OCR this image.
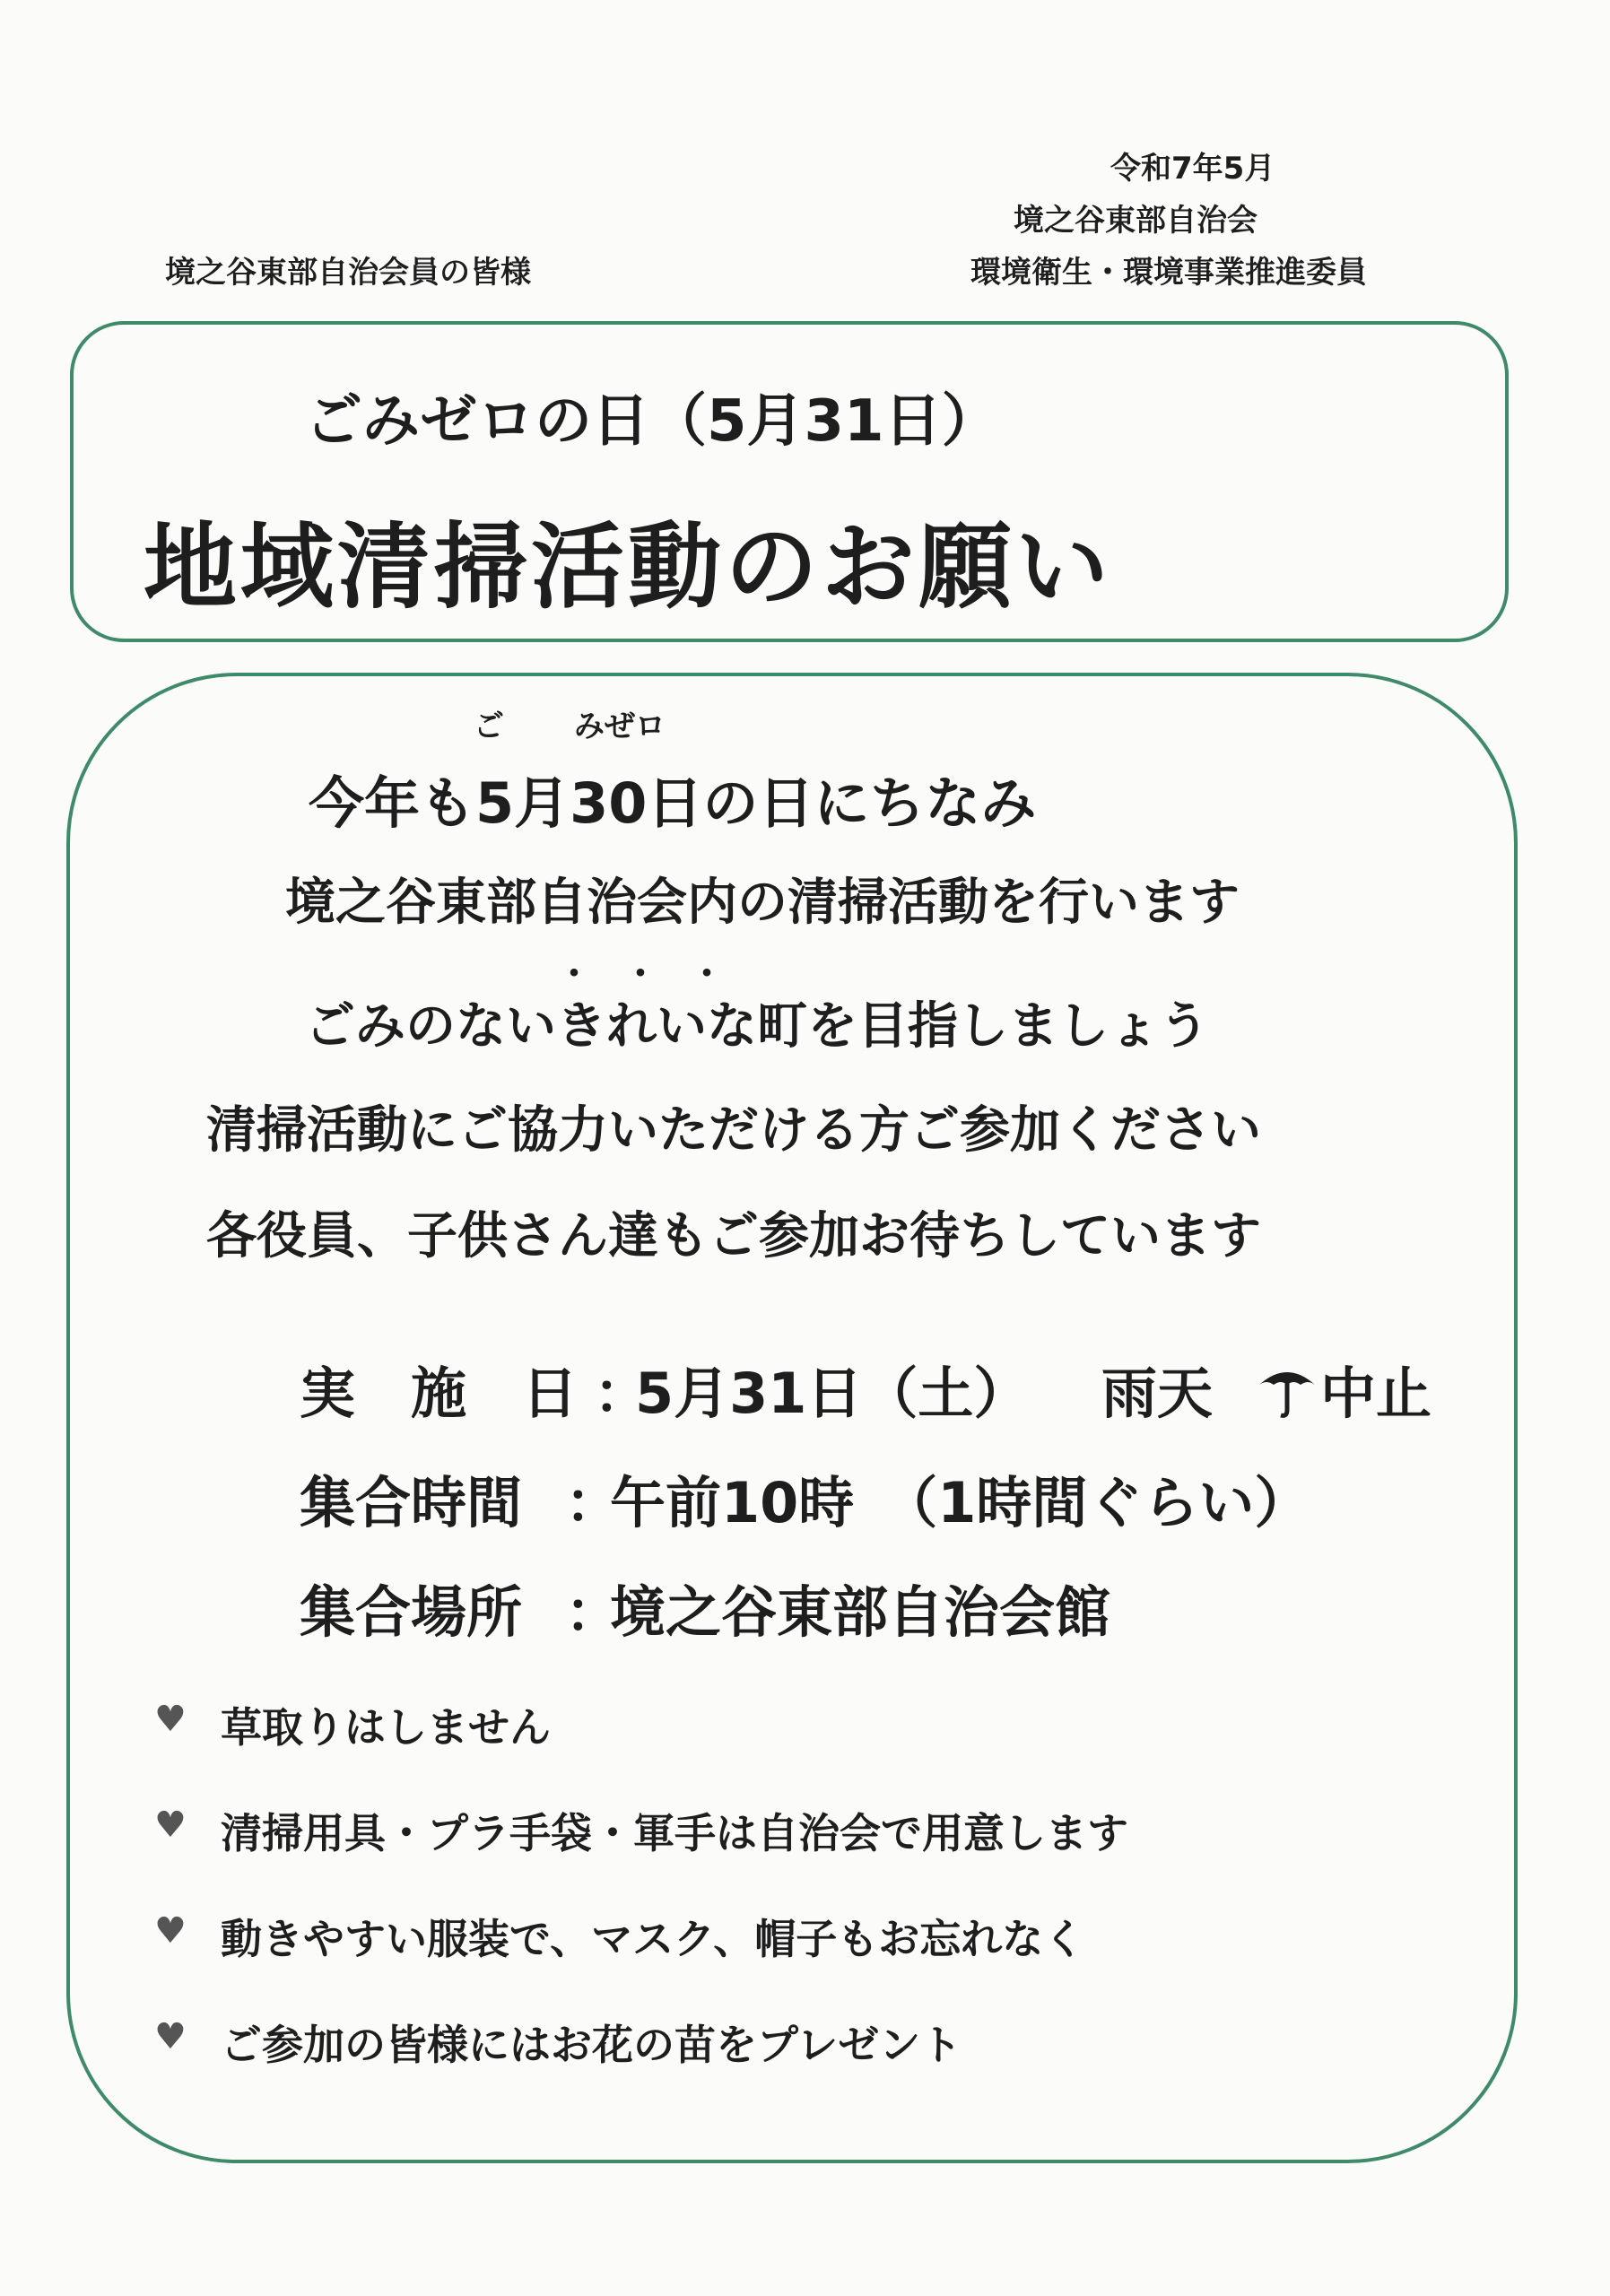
令和7年5月
境之谷東部自治会
境之谷東部自治会員の皆様	環境衛生・環境事業推進委員
ごみゼロの日（5月31日）
地域清掃活動のお願い
ご みぜロ
今年も5月30日の日にちなみ
境之谷東部自治会内の清掃活動を行います
・・・
ごみのないきれいな町を目指しましょう
清掃活動にご協力いただける方ご参加ください
各役員、子供さん達もご参加お待ちしています
実　施　日 ：
5月31日（土） 雨天 中止
集合時間 ：
午前10時　（1時間ぐらい）
集合場所 ：
境之谷東部自治会館
♥ 草取りはしません
♥ 清掃用具・プラ手袋・軍手は自治会で用意します
♥ 動きやすい服装で、マスク、帽子もお忘れなく
♥ ご参加の皆様にはお花の苗をプレゼント
